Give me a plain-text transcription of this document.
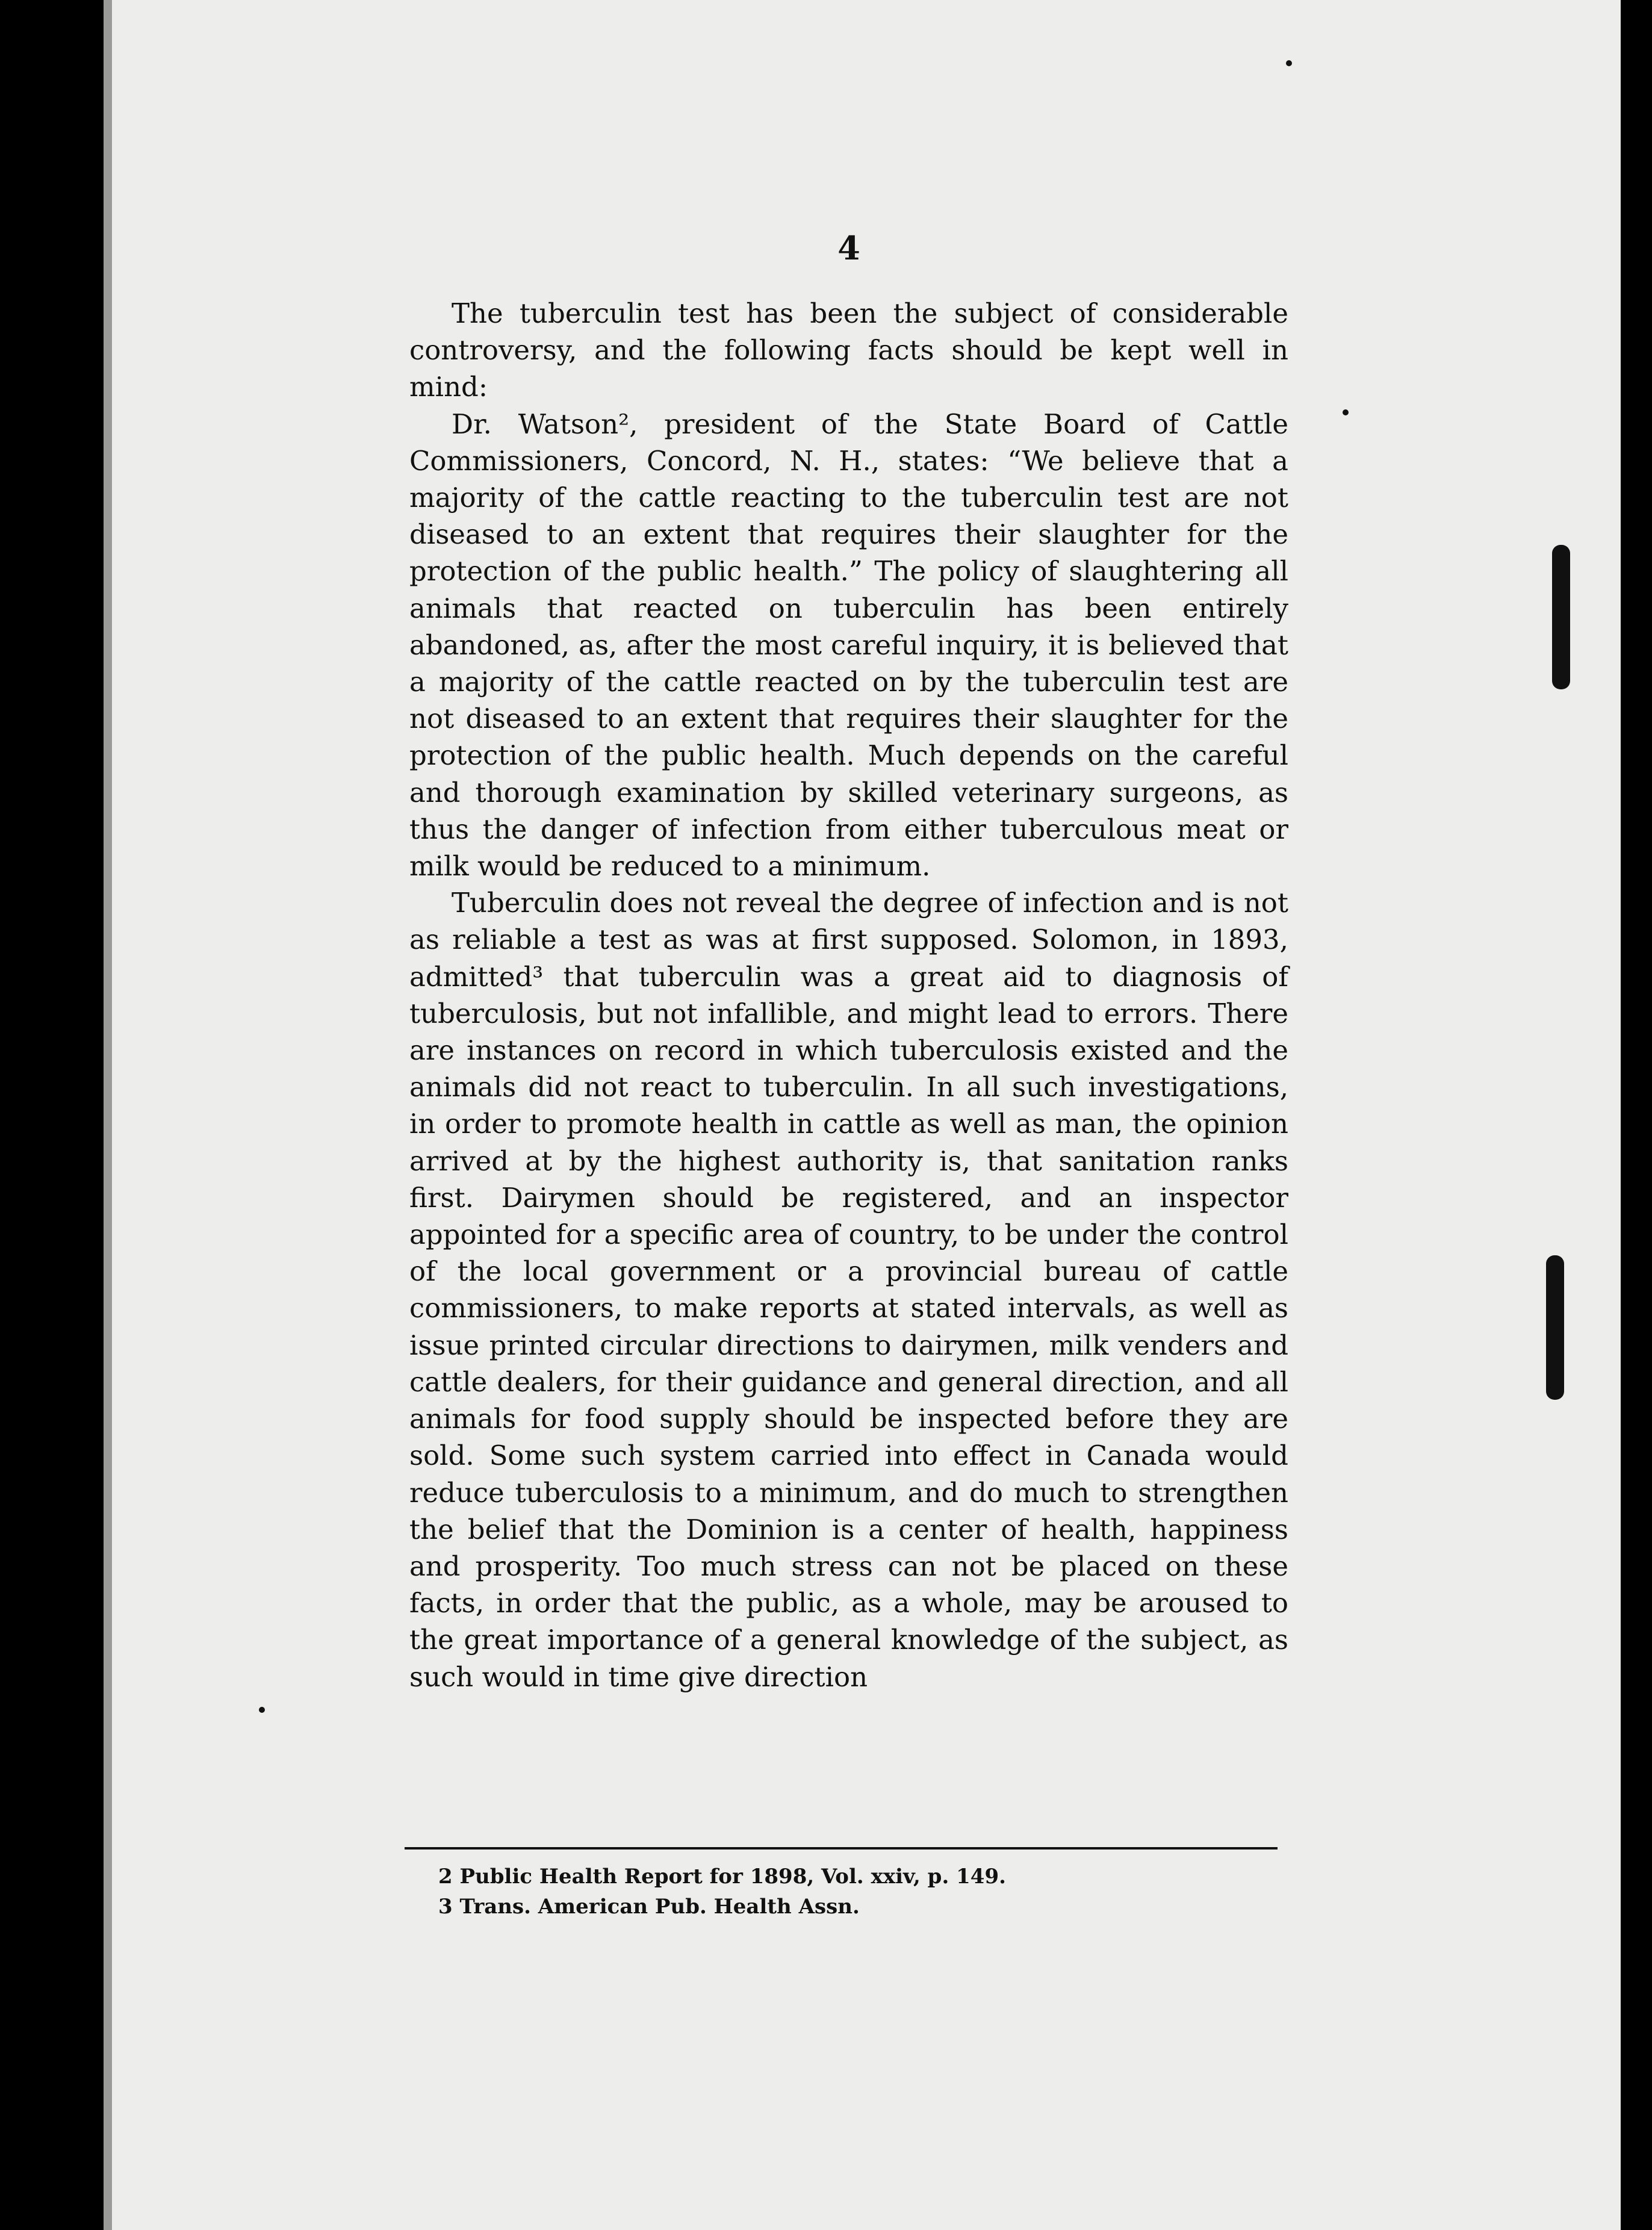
4

The tuberculin test has been the subject of considerable controversy, and the following facts should be kept well in mind:

Dr. Watson², president of the State Board of Cattle Commissioners, Concord, N. H., states: “We believe that a majority of the cattle reacting to the tuberculin test are not diseased to an extent that requires their slaughter for the protection of the public health.” The policy of slaughtering all animals that reacted on tuberculin has been entirely abandoned, as, after the most careful inquiry, it is believed that a majority of the cattle reacted on by the tuberculin test are not diseased to an extent that requires their slaughter for the protection of the public health. Much depends on the careful and thorough examination by skilled veterinary surgeons, as thus the danger of infection from either tuberculous meat or milk would be reduced to a minimum.

Tuberculin does not reveal the degree of infection and is not as reliable a test as was at first supposed. Solomon, in 1893, admitted³ that tuberculin was a great aid to diagnosis of tuberculosis, but not infallible, and might lead to errors. There are instances on record in which tuberculosis existed and the animals did not react to tuberculin. In all such investigations, in order to promote health in cattle as well as man, the opinion arrived at by the highest authority is, that sanitation ranks first. Dairymen should be registered, and an inspector appointed for a specific area of country, to be under the control of the local government or a provincial bureau of cattle commissioners, to make reports at stated intervals, as well as issue printed circular directions to dairymen, milk venders and cattle dealers, for their guidance and general direction, and all animals for food supply should be inspected before they are sold. Some such system carried into effect in Canada would reduce tuberculosis to a minimum, and do much to strengthen the belief that the Dominion is a center of health, happiness and prosperity. Too much stress can not be placed on these facts, in order that the public, as a whole, may be aroused to the great importance of a general knowledge of the subject, as such would in time give direction

2 Public Health Report for 1898, Vol. xxiv, p. 149.
3 Trans. American Pub. Health Assn.
